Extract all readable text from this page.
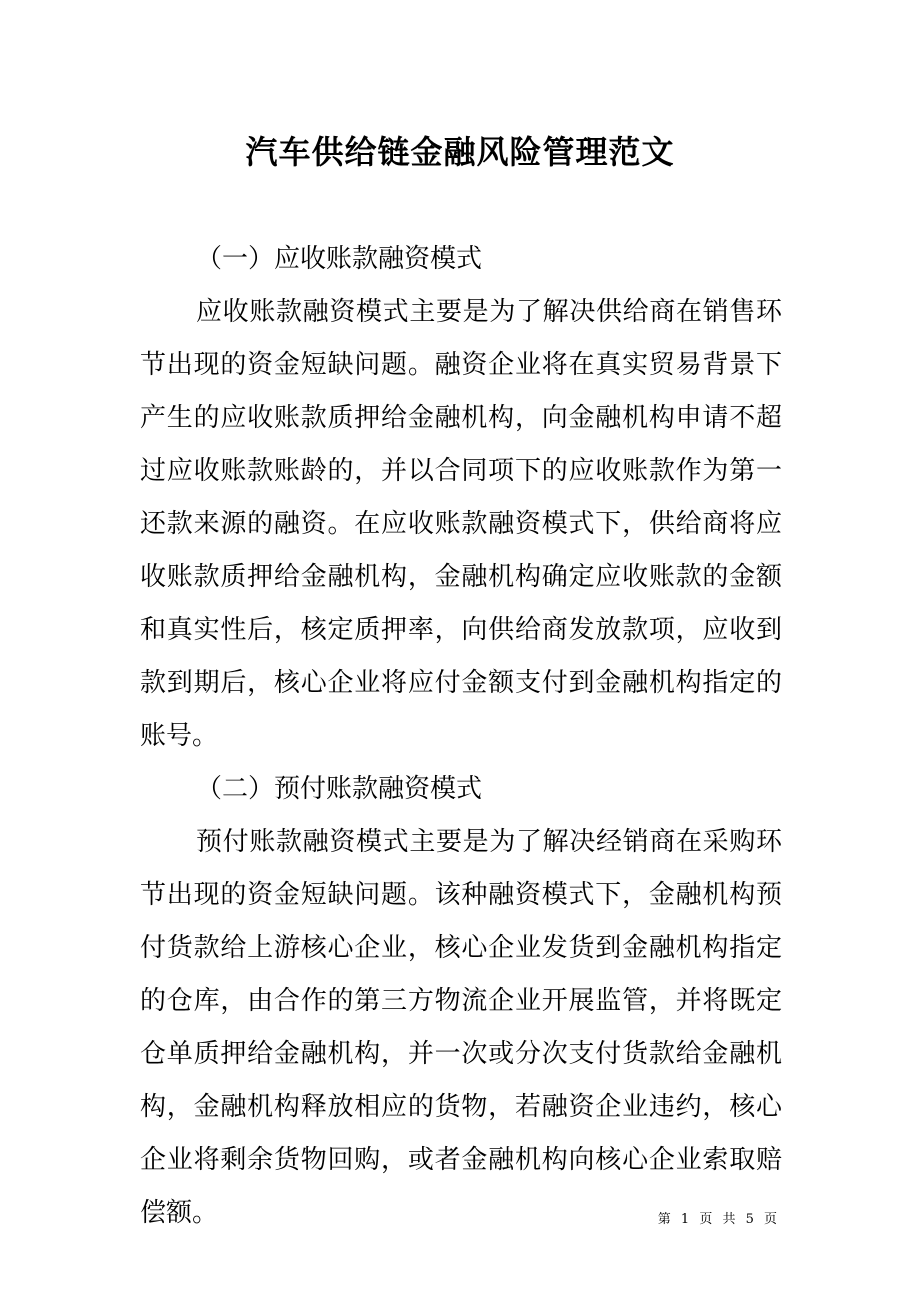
汽车供给链金融风险管理范文

（一）应收账款融资模式

应收账款融资模式主要是为了解决供给商在销售环节出现的资金短缺问题。融资企业将在真实贸易背景下产生的应收账款质押给金融机构，向金融机构申请不超过应收账款账龄的，并以合同项下的应收账款作为第一还款来源的融资。在应收账款融资模式下，供给商将应收账款质押给金融机构，金融机构确定应收账款的金额和真实性后，核定质押率，向供给商发放款项，应收到款到期后，核心企业将应付金额支付到金融机构指定的账号。

（二）预付账款融资模式

预付账款融资模式主要是为了解决经销商在采购环节出现的资金短缺问题。该种融资模式下，金融机构预付货款给上游核心企业，核心企业发货到金融机构指定的仓库，由合作的第三方物流企业开展监管，并将既定仓单质押给金融机构，并一次或分次支付货款给金融机构，金融机构释放相应的货物，若融资企业违约，核心企业将剩余货物回购，或者金融机构向核心企业索取赔偿额。	第 1 页 共 5 页
